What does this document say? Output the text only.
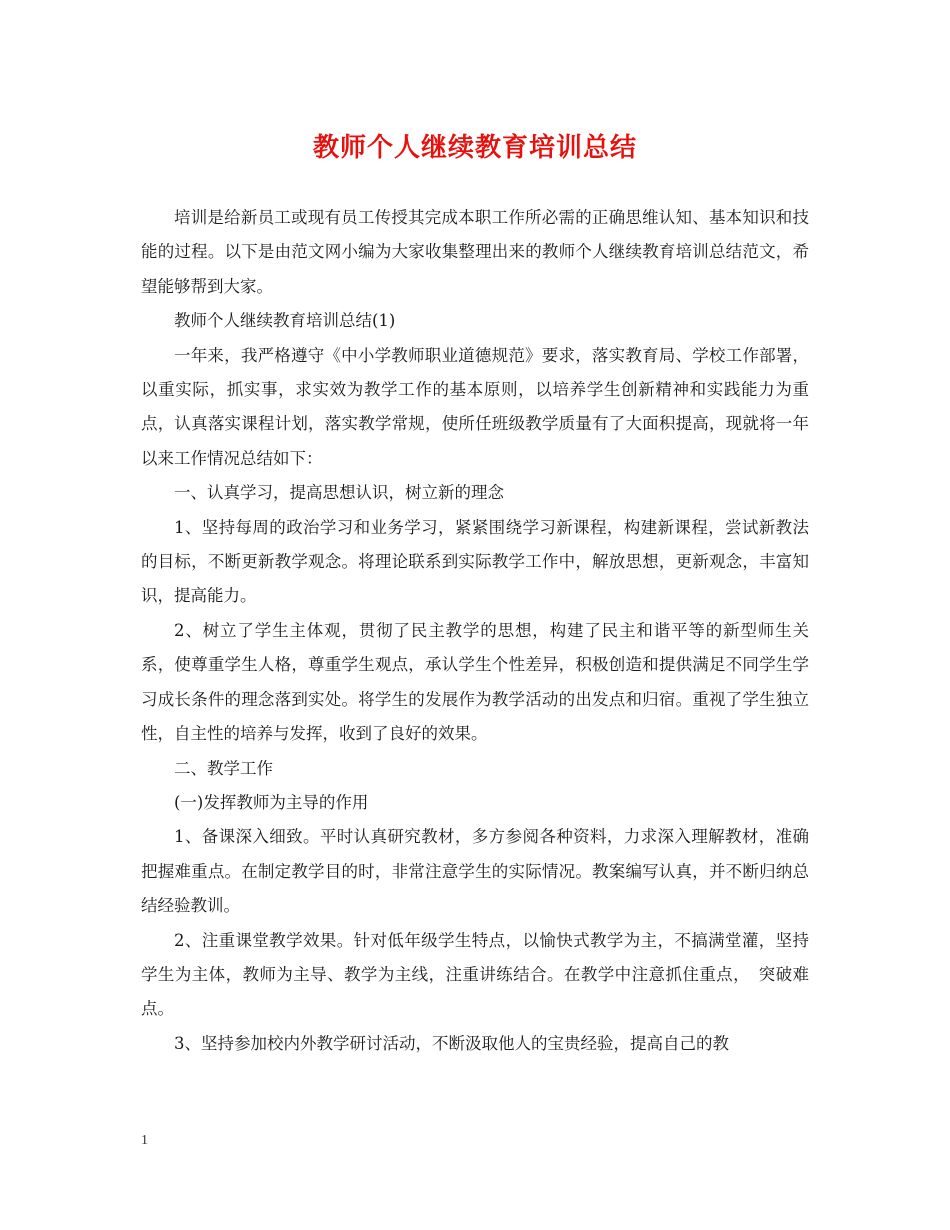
教师个人继续教育培训总结

培训是给新员工或现有员工传授其完成本职工作所必需的正确思维认知、基本知识和技能的过程。以下是由范文网小编为大家收集整理出来的教师个人继续教育培训总结范文，希望能够帮到大家。

教师个人继续教育培训总结(1)

一年来，我严格遵守《中小学教师职业道德规范》要求，落实教育局、学校工作部署，以重实际，抓实事，求实效为教学工作的基本原则，以培养学生创新精神和实践能力为重点，认真落实课程计划，落实教学常规，使所任班级教学质量有了大面积提高，现就将一年以来工作情况总结如下：

一、认真学习，提高思想认识，树立新的理念

1、坚持每周的政治学习和业务学习，紧紧围绕学习新课程，构建新课程，尝试新教法的目标，不断更新教学观念。将理论联系到实际教学工作中，解放思想，更新观念，丰富知识，提高能力。

2、树立了学生主体观，贯彻了民主教学的思想，构建了民主和谐平等的新型师生关系，使尊重学生人格，尊重学生观点，承认学生个性差异，积极创造和提供满足不同学生学习成长条件的理念落到实处。将学生的发展作为教学活动的出发点和归宿。重视了学生独立性，自主性的培养与发挥，收到了良好的效果。

二、教学工作

(一)发挥教师为主导的作用

1、备课深入细致。平时认真研究教材，多方参阅各种资料，力求深入理解教材，准确把握难重点。在制定教学目的时，非常注意学生的实际情况。教案编写认真，并不断归纳总结经验教训。

2、注重课堂教学效果。针对低年级学生特点，以愉快式教学为主，不搞满堂灌，坚持学生为主体，教师为主导、教学为主线，注重讲练结合。在教学中注意抓住重点，　突破难点。

3、坚持参加校内外教学研讨活动，不断汲取他人的宝贵经验，提高自己的教

1
